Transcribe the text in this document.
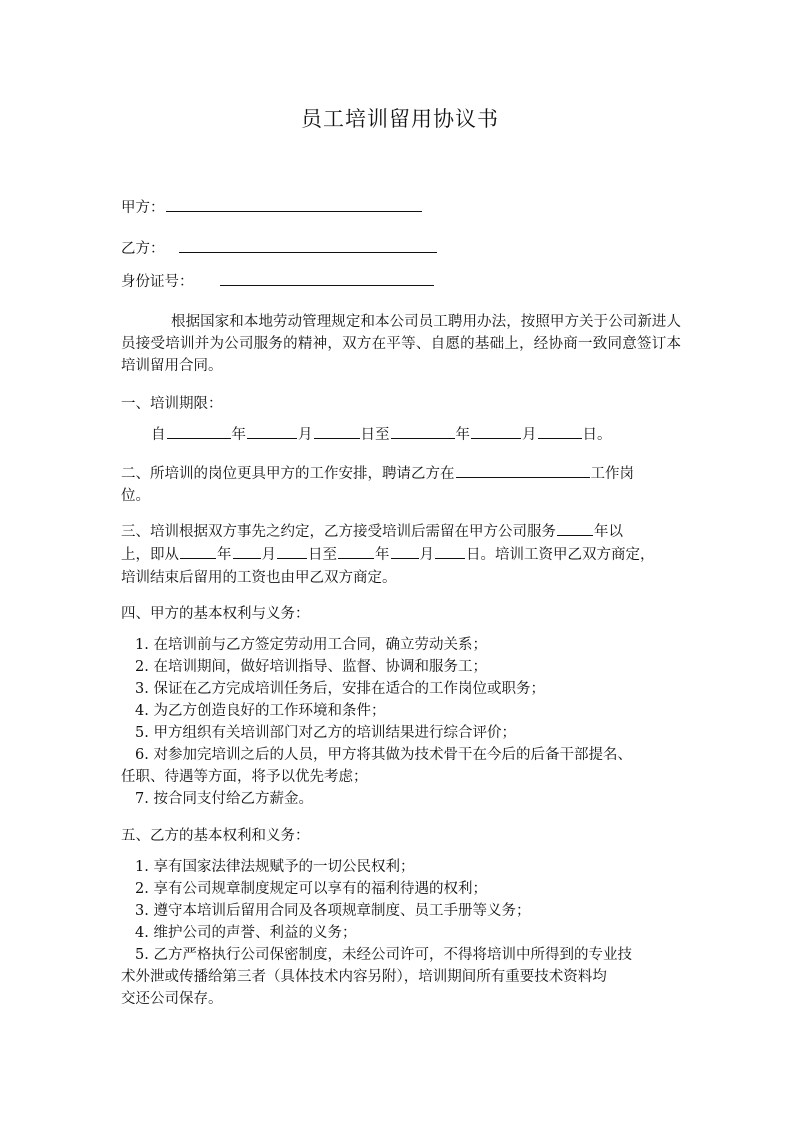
员工培训留用协议书
甲方：
乙方：
身份证号：
根据国家和本地劳动管理规定和本公司员工聘用办法，按照甲方关于公司新进人员接受培训并为公司服务的精神，双方在平等、自愿的基础上，经协商一致同意签订本培训留用合同。
一、培训期限：
自	年	月	日至	年	月	日。
二、所培训的岗位更具甲方的工作安排，聘请乙方在	工作岗
位。
三、培训根据双方事先之约定，乙方接受培训后需留在甲方公司服务	年以
上，即从	年 月 日至	年 月 日。培训工资甲乙双方商定，
培训结束后留用的工资也由甲乙双方商定。
四、甲方的基本权利与义务：
1. 在培训前与乙方签定劳动用工合同，确立劳动关系；
2. 在培训期间，做好培训指导、监督、协调和服务工；
3. 保证在乙方完成培训任务后，安排在适合的工作岗位或职务；
4. 为乙方创造良好的工作环境和条件；
5. 甲方组织有关培训部门对乙方的培训结果进行综合评价；
6. 对参加完培训之后的人员，甲方将其做为技术骨干在今后的后备干部提名、
任职、待遇等方面，将予以优先考虑；
7. 按合同支付给乙方薪金。
五、乙方的基本权利和义务：
1. 享有国家法律法规赋予的一切公民权利；
2. 享有公司规章制度规定可以享有的福利待遇的权利；
3. 遵守本培训后留用合同及各项规章制度、员工手册等义务；
4. 维护公司的声誉、利益的义务；
5. 乙方严格执行公司保密制度，未经公司许可，不得将培训中所得到的专业技
术外泄或传播给第三者（具体技术内容另附），培训期间所有重要技术资料均
交还公司保存。
